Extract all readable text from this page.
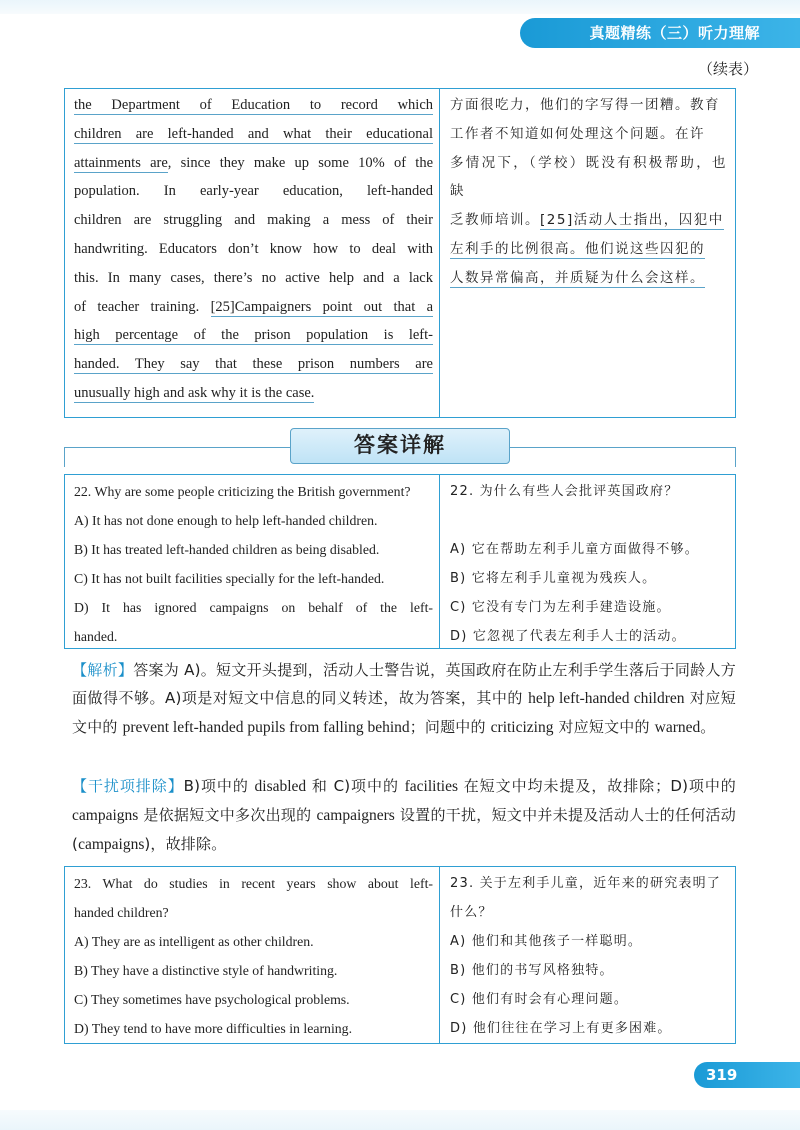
真题精练（三）听力理解
（续表）
the Department of Education to record which
children are left-handed and what their educational
attainments are, since they make up some 10% of the
population. In early-year education, left-handed
children are struggling and making a mess of their
handwriting. Educators don’t know how to deal with
this. In many cases, there’s no active help and a lack
of teacher training. [25]Campaigners point out that a
high percentage of the prison population is left-
handed. They say that these prison numbers are
unusually high and ask why it is the case.
方面很吃力，他们的字写得一团糟。教育
工作者不知道如何处理这个问题。在许
多情况下，（学校）既没有积极帮助，也缺
乏教师培训。[25]活动人士指出，囚犯中
左利手的比例很高。他们说这些囚犯的
人数异常偏高，并质疑为什么会这样。
答案详解
22. Why are some people criticizing the British government?
A) It has not done enough to help left-handed children.
B) It has treated left-handed children as being disabled.
C) It has not built facilities specially for the left-handed.
D) It has ignored campaigns on behalf of the left-
handed.
22. 为什么有些人会批评英国政府？
A) 它在帮助左利手儿童方面做得不够。
B) 它将左利手儿童视为残疾人。
C) 它没有专门为左利手建造设施。
D) 它忽视了代表左利手人士的活动。
【解析】答案为 A)。短文开头提到，活动人士警告说，英国政府在防止左利手学生落后于同龄人方面做得不够。A)项是对短文中信息的同义转述，故为答案，其中的 help left-handed children 对应短文中的 prevent left-handed pupils from falling behind；问题中的 criticizing 对应短文中的 warned。
【干扰项排除】B)项中的 disabled 和 C)项中的 facilities 在短文中均未提及，故排除；D)项中的 campaigns 是依据短文中多次出现的 campaigners 设置的干扰，短文中并未提及活动人士的任何活动(campaigns)，故排除。
23. What do studies in recent years show about left-
handed children?
A) They are as intelligent as other children.
B) They have a distinctive style of handwriting.
C) They sometimes have psychological problems.
D) They tend to have more difficulties in learning.
23. 关于左利手儿童，近年来的研究表明了
什么？
A) 他们和其他孩子一样聪明。
B) 他们的书写风格独特。
C) 他们有时会有心理问题。
D) 他们往往在学习上有更多困难。
319
